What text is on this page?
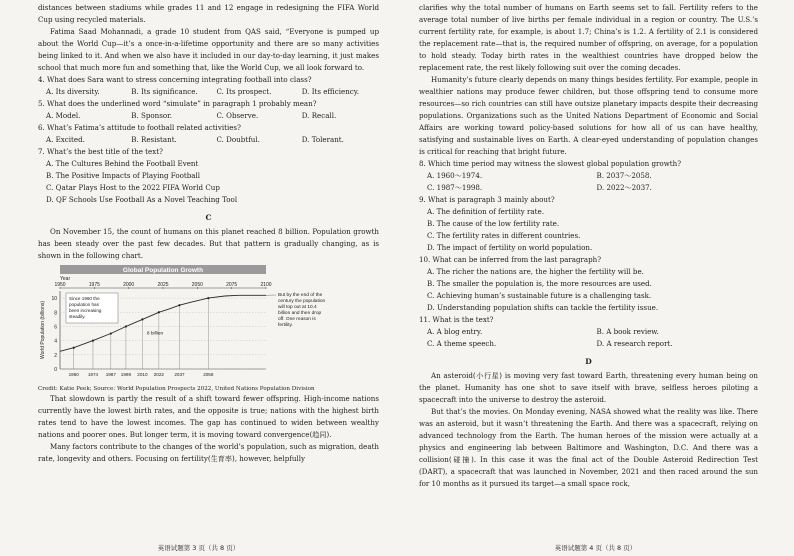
distances between stadiums while grades 11 and 12 engage in redesigning the FIFA World Cup using recycled materials.

Fatima Saad Mohannadi, a grade 10 student from QAS said, “Everyone is pumped up about the World Cup—it’s a once-in-a-lifetime opportunity and there are so many activities being linked to it. And when we also have it included in our day-to-day learning, it just makes school that much more fun and something that, like the World Cup, we all look forward to.

4. What does Sara want to stress concerning integrating football into class?

A. Its diversity.	B. Its significance.	C. Its prospect.	D. Its efficiency.

5. What does the underlined word “simulate” in paragraph 1 probably mean?

A. Model.	B. Sponsor.	C. Observe.	D. Recall.

6. What’s Fatima’s attitude to football related activities?

A. Excited.	B. Resistant.	C. Doubtful.	D. Tolerant.

7. What’s the best title of the text?

A. The Cultures Behind the Football Event
B. The Positive Impacts of Playing Football
C. Qatar Plays Host to the 2022 FIFA World Cup
D. QF Schools Use Football As a Novel Teaching Tool
C

On November 15, the count of humans on this planet reached 8 billion. Population growth has been steady over the past few decades. But that pattern is gradually changing, as is shown in the following chart.

Global Population Growth
Year
1950	1975	2000	2025	2050	2075	2100
0
2
4
6
8
10
World Population (billions)
1960 1974 1987 1998 2010 2022 2037	2058
8 billion
Since 1960 the population has been increasing steadily.
But by the end of the century the population will top out at 10.4 billion and then drop off. One reason is fertility.

Credit: Katie Peek; Source: World Population Prospects 2022, United Nations Population Division

That slowdown is partly the result of a shift toward fewer offspring. High-income nations currently have the lowest birth rates, and the opposite is true; nations with the highest birth rates tend to have the lowest incomes. The gap has continued to widen between wealthy nations and poorer ones. But longer term, it is moving toward convergence(趋同).

Many factors contribute to the changes of the world’s population, such as migration, death rate, longevity and others. Focusing on fertility(生育率), however, helpfully

英语试题第 3 页（共 8 页）

clarifies why the total number of humans on Earth seems set to fall. Fertility refers to the average total number of live births per female individual in a region or country. The U.S.’s current fertility rate, for example, is about 1.7; China’s is 1.2. A fertility of 2.1 is considered the replacement rate—that is, the required number of offspring, on average, for a population to hold steady. Today birth rates in the wealthiest countries have dropped below the replacement rate, the rest likely following suit over the coming decades.

Humanity’s future clearly depends on many things besides fertility. For example, people in wealthier nations may produce fewer children, but those offspring tend to consume more resources—so rich countries can still have outsize planetary impacts despite their decreasing populations. Organizations such as the United Nations Department of Economic and Social Affairs are working toward policy-based solutions for how all of us can have healthy, satisfying and sustainable lives on Earth. A clear-eyed understanding of population changes is critical for reaching that bright future.

8. Which time period may witness the slowest global population growth?

A. 1960～1974.	B. 2037～2058.
C. 1987～1998.	D. 2022～2037.

9. What is paragraph 3 mainly about?

A. The definition of fertility rate.
B. The cause of the low fertility rate.
C. The fertility rates in different countries.
D. The impact of fertility on world population.

10. What can be inferred from the last paragraph?

A. The richer the nations are, the higher the fertility will be.
B. The smaller the population is, the more resources are used.
C. Achieving human’s sustainable future is a challenging task.
D. Understanding population shifts can tackle the fertility issue.

11. What is the text?

A. A blog entry.	B. A book review.
C. A theme speech.	D. A research report.
D

An asteroid(小行星) is moving very fast toward Earth, threatening every human being on the planet. Humanity has one shot to save itself with brave, selfless heroes piloting a spacecraft into the universe to destroy the asteroid.

But that’s the movies. On Monday evening, NASA showed what the reality was like. There was an asteroid, but it wasn’t threatening the Earth. And there was a spacecraft, relying on advanced technology from the Earth. The human heroes of the mission were actually at a physics and engineering lab between Baltimore and Washington, D.C. And there was a collision(碰撞). In this case it was the final act of the Double Asteroid Redirection Test (DART), a spacecraft that was launched in November, 2021 and then raced around the sun for 10 months as it pursued its target—a small space rock,

英语试题第 4 页（共 8 页）
